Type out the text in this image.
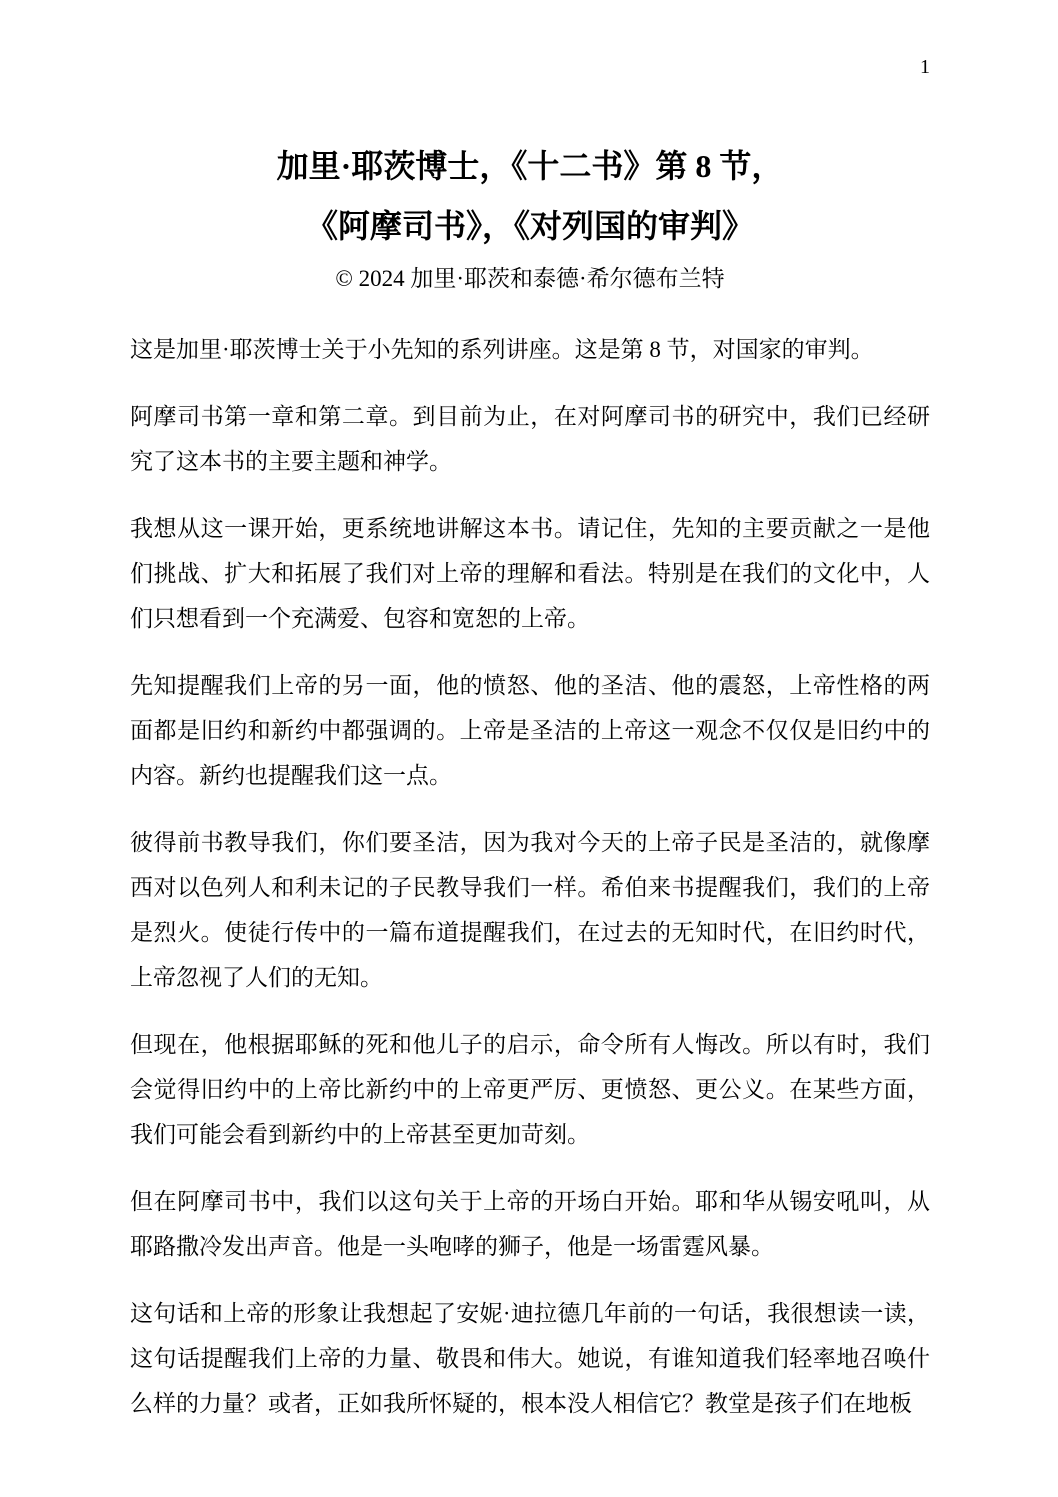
1
加里·耶茨博士，《十二书》第 8 节，
《阿摩司书》，《对列国的审判》

© 2024 加里·耶茨和泰德·希尔德布兰特

这是加里·耶茨博士关于小先知的系列讲座。这是第 8 节，对国家的审判。

阿摩司书第一章和第二章。到目前为止，在对阿摩司书的研究中，我们已经研究了这本书的主要主题和神学。

我想从这一课开始，更系统地讲解这本书。请记住，先知的主要贡献之一是他们挑战、扩大和拓展了我们对上帝的理解和看法。特别是在我们的文化中，人们只想看到一个充满爱、包容和宽恕的上帝。

先知提醒我们上帝的另一面，他的愤怒、他的圣洁、他的震怒，上帝性格的两面都是旧约和新约中都强调的。上帝是圣洁的上帝这一观念不仅仅是旧约中的内容。新约也提醒我们这一点。

彼得前书教导我们，你们要圣洁，因为我对今天的上帝子民是圣洁的，就像摩西对以色列人和利未记的子民教导我们一样。希伯来书提醒我们，我们的上帝是烈火。使徒行传中的一篇布道提醒我们，在过去的无知时代，在旧约时代，上帝忽视了人们的无知。

但现在，他根据耶稣的死和他儿子的启示，命令所有人悔改。所以有时，我们会觉得旧约中的上帝比新约中的上帝更严厉、更愤怒、更公义。在某些方面，我们可能会看到新约中的上帝甚至更加苛刻。

但在阿摩司书中，我们以这句关于上帝的开场白开始。耶和华从锡安吼叫，从耶路撒冷发出声音。他是一头咆哮的狮子，他是一场雷霆风暴。

这句话和上帝的形象让我想起了安妮·迪拉德几年前的一句话，我很想读一读，这句话提醒我们上帝的力量、敬畏和伟大。她说，有谁知道我们轻率地召唤什么样的力量？或者，正如我所怀疑的，根本没人相信它？教堂是孩子们在地板
